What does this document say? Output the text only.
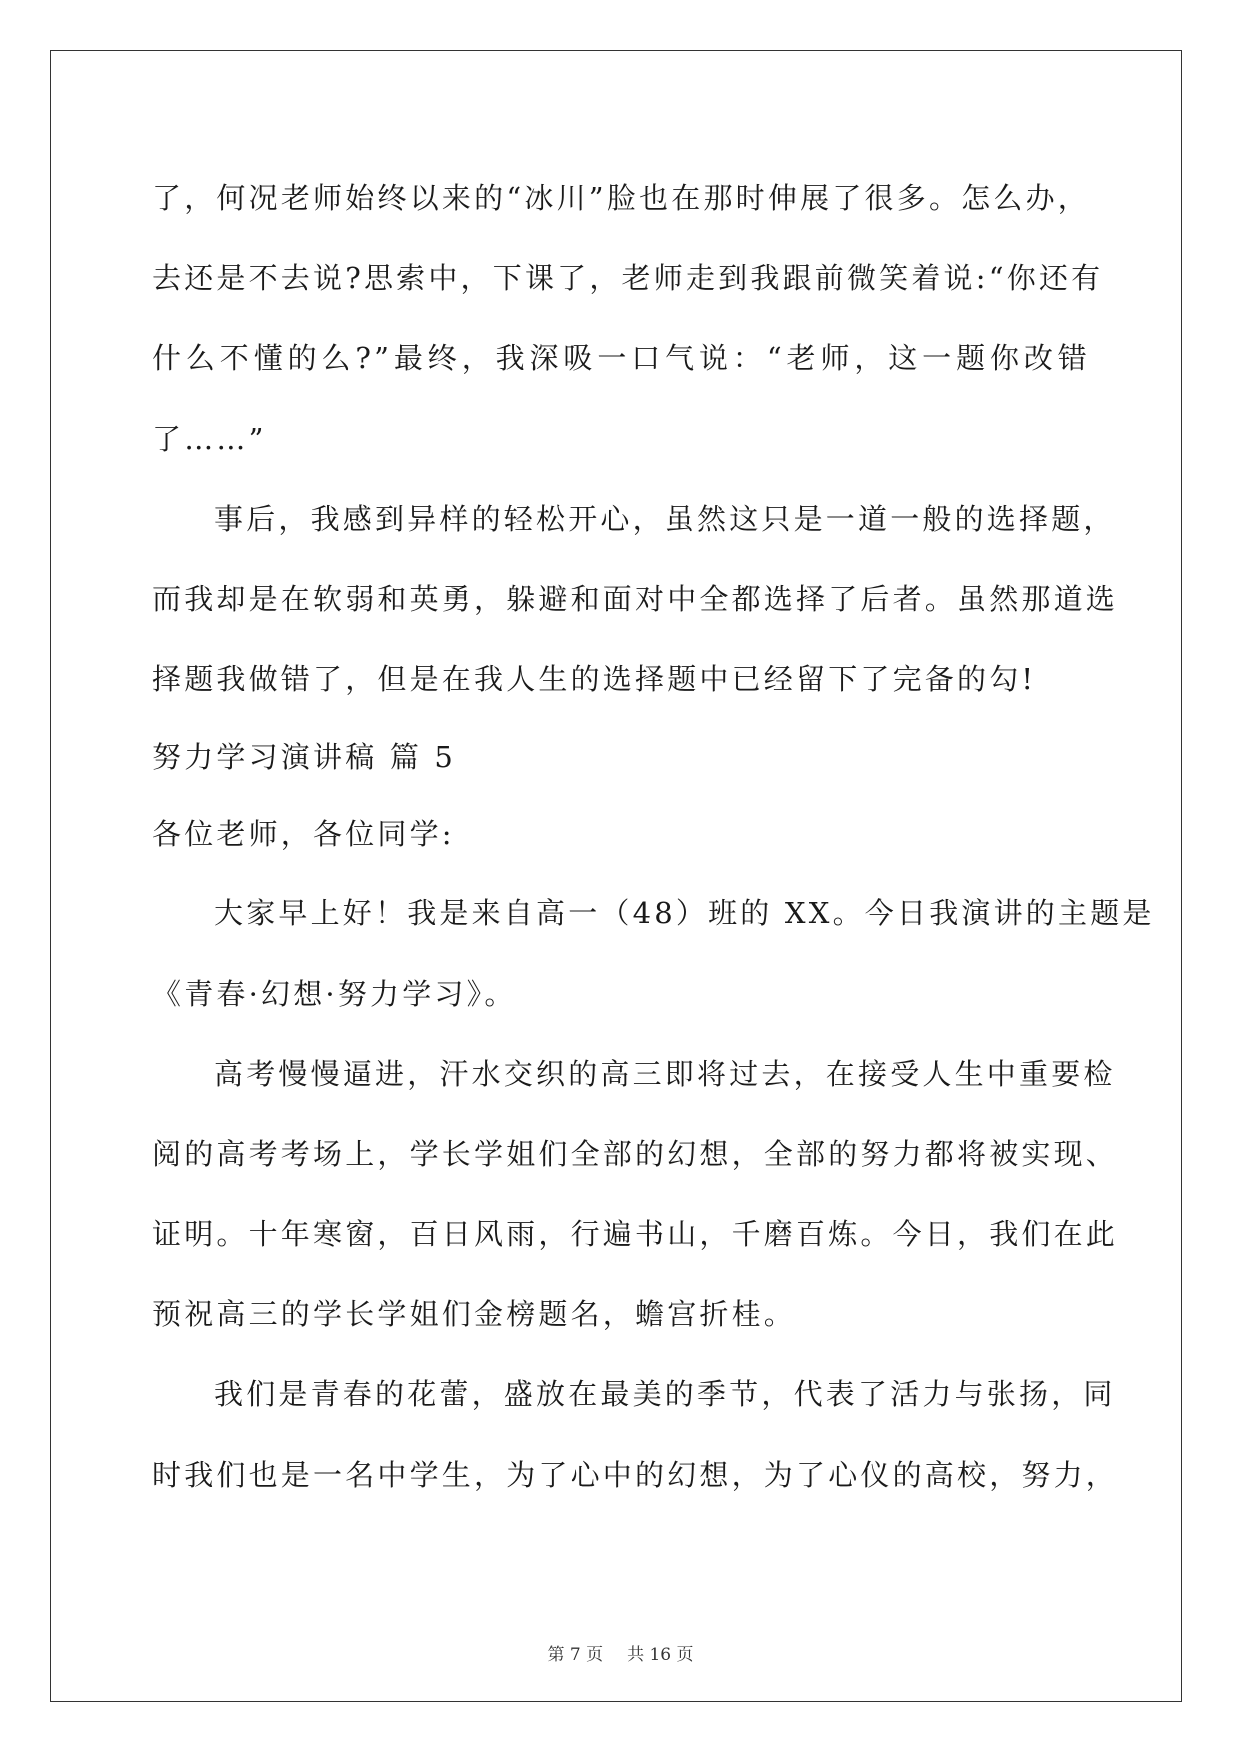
了，何况老师始终以来的“冰川”脸也在那时伸展了很多。怎么办，
去还是不去说?思索中，下课了，老师走到我跟前微笑着说:“你还有
什么不懂的么?”最终，我深吸一口气说：“老师，这一题你改错
了……”
事后，我感到异样的轻松开心，虽然这只是一道一般的选择题，
而我却是在软弱和英勇，躲避和面对中全都选择了后者。虽然那道选
择题我做错了，但是在我人生的选择题中已经留下了完备的勾!
努力学习演讲稿 篇 5
各位老师，各位同学:
大家早上好！我是来自高一（48）班的 XX。今日我演讲的主题是
《青春·幻想·努力学习》。
高考慢慢逼进，汗水交织的高三即将过去，在接受人生中重要检
阅的高考考场上，学长学姐们全部的幻想，全部的努力都将被实现、
证明。十年寒窗，百日风雨，行遍书山，千磨百炼。今日，我们在此
预祝高三的学长学姐们金榜题名，蟾宫折桂。
我们是青春的花蕾，盛放在最美的季节，代表了活力与张扬，同
时我们也是一名中学生，为了心中的幻想，为了心仪的高校，努力，
第 7 页 共 16 页
